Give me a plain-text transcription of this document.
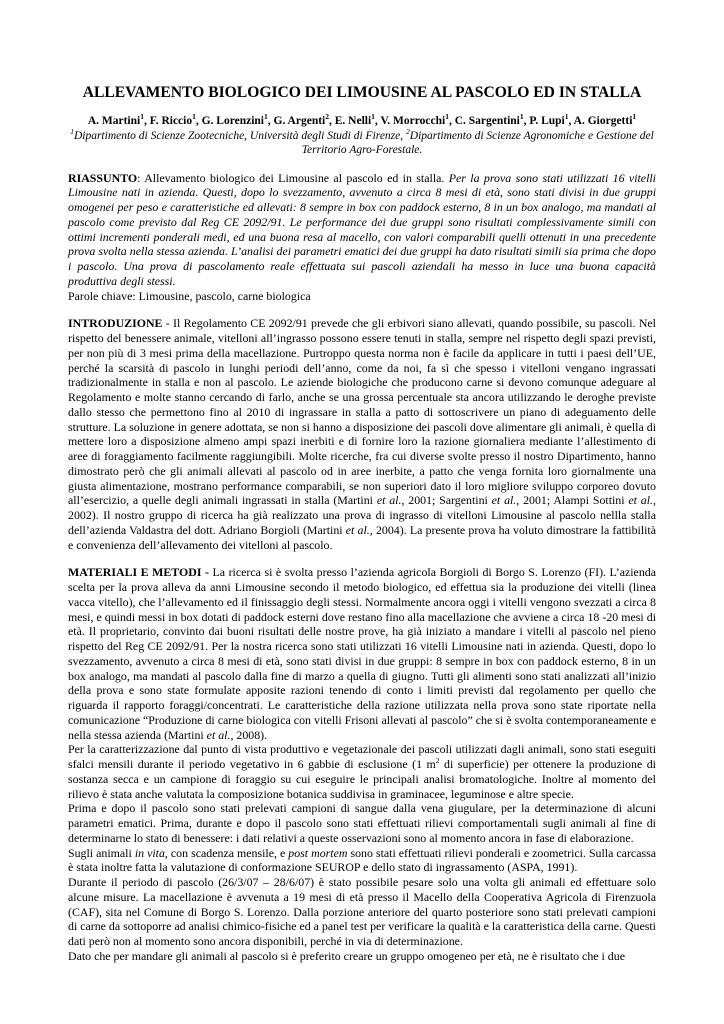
ALLEVAMENTO BIOLOGICO DEI LIMOUSINE AL PASCOLO ED IN STALLA
A. Martini$^1$, F. Riccio$^1$, G. Lorenzini$^1$, G. Argenti$^2$, E. Nelli$^1$, V. Morrocchi$^1$, C. Sargentini$^1$, P. Lupi$^1$, A. Giorgetti$^1$
$^1$Dipartimento di Scienze Zootecniche, Università degli Studi di Firenze, $^2$Dipartimento di Scienze Agronomiche e Gestione del Territorio Agro-Forestale.

RIASSUNTO: Allevamento biologico dei Limousine al pascolo ed in stalla. Per la prova sono stati utilizzati 16 vitelli Limousine nati in azienda. Questi, dopo lo svezzamento, avvenuto a circa 8 mesi di età, sono stati divisi in due gruppi omogenei per peso e caratteristiche ed allevati: 8 sempre in box con paddock esterno, 8 in un box analogo, ma mandati al pascolo come previsto dal Reg CE 2092/91. Le performance dei due gruppi sono risultati complessivamente simili con ottimi incrementi ponderali medi, ed una buona resa al macello, con valori comparabili quelli ottenuti in una precedente prova svolta nella stessa azienda. L’analisi dei parametri ematici dei due gruppi ha dato risultati simili sia prima che dopo i pascolo. Una prova di pascolamento reale effettuata sui pascoli aziendali ha messo in luce una buona capacità produttiva degli stessi.

Parole chiave: Limousine, pascolo, carne biologica

INTRODUZIONE - Il Regolamento CE 2092/91 prevede che gli erbivori siano allevati, quando possibile, su pascoli. Nel rispetto del benessere animale, vitelloni all’ingrasso possono essere tenuti in stalla, sempre nel rispetto degli spazi previsti, per non più di 3 mesi prima della macellazione. Purtroppo questa norma non è facile da applicare in tutti i paesi dell’UE, perché la scarsità di pascolo in lunghi periodi dell’anno, come da noi, fa sì che spesso i vitelloni vengano ingrassati tradizionalmente in stalla e non al pascolo. Le aziende biologiche che producono carne si devono comunque adeguare al Regolamento e molte stanno cercando di farlo, anche se una grossa percentuale sta ancora utilizzando le deroghe previste dallo stesso che permettono fino al 2010 di ingrassare in stalla a patto di sottoscrivere un piano di adeguamento delle strutture. La soluzione in genere adottata, se non si hanno a disposizione dei pascoli dove alimentare gli animali, è quella di mettere loro a disposizione almeno ampi spazi inerbiti e di fornire loro la razione giornaliera mediante l’allestimento di aree di foraggiamento facilmente raggiungibili. Molte ricerche, fra cui diverse svolte presso il nostro Dipartimento, hanno dimostrato però che gli animali allevati al pascolo od in aree inerbite, a patto che venga fornita loro giornalmente una giusta alimentazione, mostrano performance comparabili, se non superiori dato il loro migliore sviluppo corporeo dovuto all’esercizio, a quelle degli animali ingrassati in stalla (Martini et al., 2001; Sargentini et al., 2001; Alampi Sottini et al., 2002). Il nostro gruppo di ricerca ha già realizzato una prova di ingrasso di vitelloni Limousine al pascolo nellla stalla dell’azienda Valdastra del dott. Adriano Borgioli (Martini et al., 2004). La presente prova ha voluto dimostrare la fattibilità e convenienza dell’allevamento dei vitelloni al pascolo.

MATERIALI E METODI - La ricerca si è svolta presso l’azienda agricola Borgioli di Borgo S. Lorenzo (FI). L’azienda scelta per la prova alleva da anni Limousine secondo il metodo biologico, ed effettua sia la produzione dei vitelli (linea vacca vitello), che l’allevamento ed il finissaggio degli stessi. Normalmente ancora oggi i vitelli vengono svezzati a circa 8 mesi, e quindi messi in box dotati di paddock esterni dove restano fino alla macellazione che avviene a circa 18 -20 mesi di età. Il proprietario, convinto dai buoni risultati delle nostre prove, ha già iniziato a mandare i vitelli al pascolo nel pieno rispetto del Reg CE 2092/91. Per la nostra ricerca sono stati utilizzati 16 vitelli Limousine nati in azienda. Questi, dopo lo svezzamento, avvenuto a circa 8 mesi di età, sono stati divisi in due gruppi: 8 sempre in box con paddock esterno, 8 in un box analogo, ma mandati al pascolo dalla fine di marzo a quella di giugno. Tutti gli alimenti sono stati analizzati all’inizio della prova e sono state formulate apposite razioni tenendo di conto i limiti previsti dal regolamento per quello che riguarda il rapporto foraggi/concentrati. Le caratteristiche della razione utilizzata nella prova sono state riportate nella comunicazione “Produzione di carne biologica con vitelli Frisoni allevati al pascolo” che si è svolta contemporaneamente e nella stessa azienda (Martini et al., 2008).

Per la caratterizzazione dal punto di vista produttivo e vegetazionale dei pascoli utilizzati dagli animali, sono stati eseguiti sfalci mensili durante il periodo vegetativo in 6 gabbie di esclusione (1 $m^2$ di superficie) per ottenere la produzione di sostanza secca e un campione di foraggio su cui eseguire le principali analisi bromatologiche. Inoltre al momento del rilievo è stata anche valutata la composizione botanica suddivisa in graminacee, leguminose e altre specie.

Prima e dopo il pascolo sono stati prelevati campioni di sangue dalla vena giugulare, per la determinazione di alcuni parametri ematici. Prima, durante e dopo il pascolo sono stati effettuati rilievi comportamentali sugli animali al fine di determinarne lo stato di benessere: i dati relativi a queste osservazioni sono al momento ancora in fase di elaborazione.

Sugli animali in vita, con scadenza mensile, e post mortem sono stati effettuati rilievi ponderali e zoometrici. Sulla carcassa è stata inoltre fatta la valutazione di conformazione SEUROP e dello stato di ingrassamento (ASPA, 1991).

Durante il periodo di pascolo (26/3/07 – 28/6/07) è stato possibile pesare solo una volta gli animali ed effettuare solo alcune misure. La macellazione è avvenuta a 19 mesi di età presso il Macello della Cooperativa Agricola di Firenzuola (CAF), sita nel Comune di Borgo S. Lorenzo. Dalla porzione anteriore del quarto posteriore sono stati prelevati campioni di carne da sottoporre ad analisi chimico-fisiche ed a panel test per verificare la qualità e la caratteristica della carne. Questi dati però non al momento sono ancora disponibili, perché in via di determinazione.

Dato che per mandare gli animali al pascolo si è preferito creare un gruppo omogeneo per età, ne è risultato che i due
